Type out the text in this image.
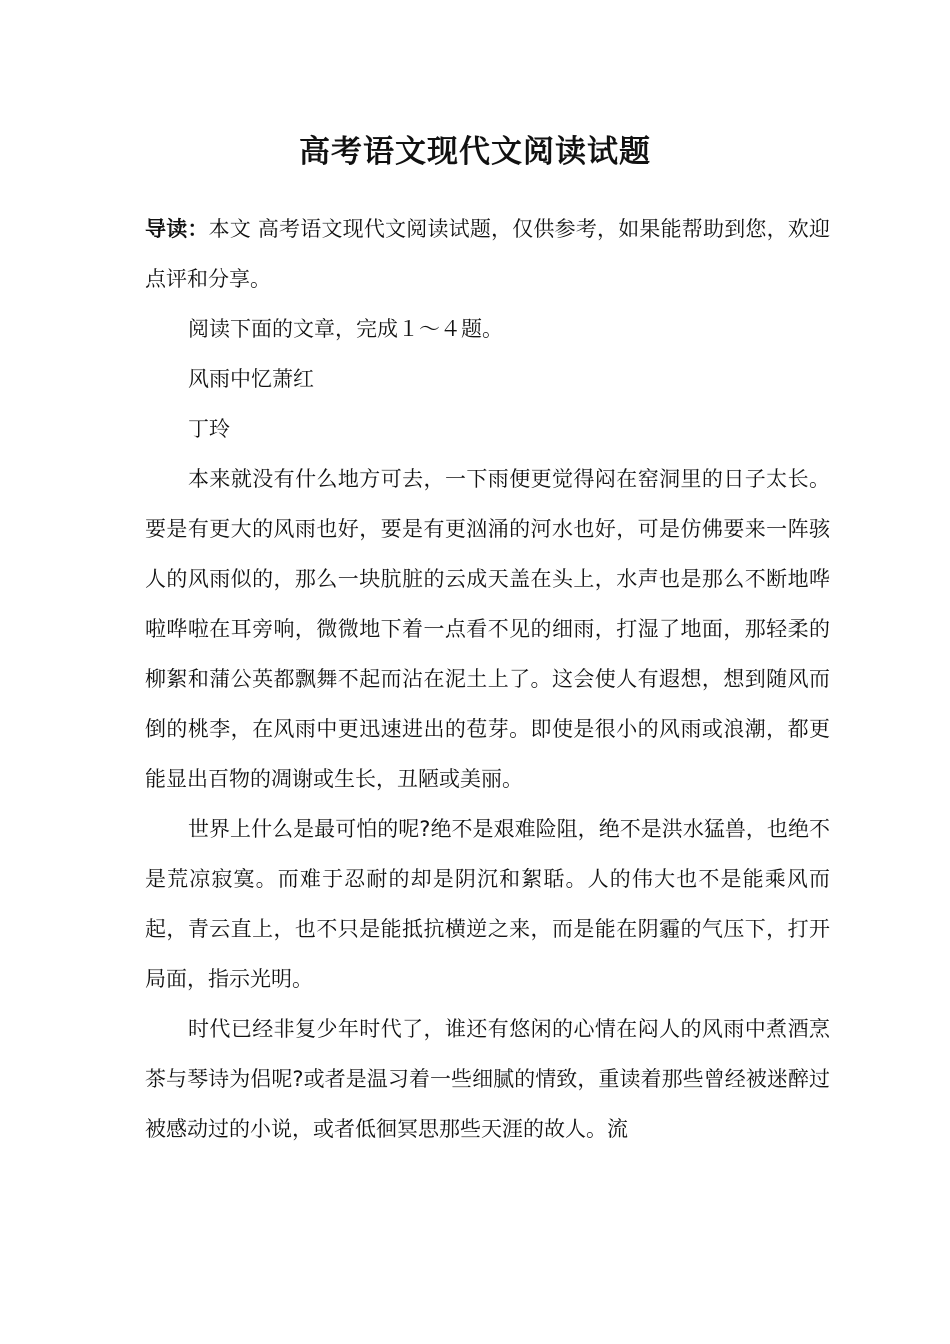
高考语文现代文阅读试题

导读：本文 高考语文现代文阅读试题，仅供参考，如果能帮助到您，欢迎点评和分享。

阅读下面的文章，完成１～４题。

风雨中忆萧红

丁玲

本来就没有什么地方可去，一下雨便更觉得闷在窑洞里的日子太长。要是有更大的风雨也好，要是有更汹涌的河水也好，可是仿佛要来一阵骇人的风雨似的，那么一块肮脏的云成天盖在头上，水声也是那么不断地哗啦哗啦在耳旁响，微微地下着一点看不见的细雨，打湿了地面，那轻柔的柳絮和蒲公英都飘舞不起而沾在泥土上了。这会使人有遐想，想到随风而倒的桃李，在风雨中更迅速进出的苞芽。即使是很小的风雨或浪潮，都更能显出百物的凋谢或生长，丑陋或美丽。

世界上什么是最可怕的呢?绝不是艰难险阻，绝不是洪水猛兽，也绝不是荒凉寂寞。而难于忍耐的却是阴沉和絮聒。人的伟大也不是能乘风而起，青云直上，也不只是能抵抗横逆之来，而是能在阴霾的气压下，打开局面，指示光明。

时代已经非复少年时代了，谁还有悠闲的心情在闷人的风雨中煮酒烹茶与琴诗为侣呢?或者是温习着一些细腻的情致，重读着那些曾经被迷醉过被感动过的小说，或者低徊冥思那些天涯的故人。流
